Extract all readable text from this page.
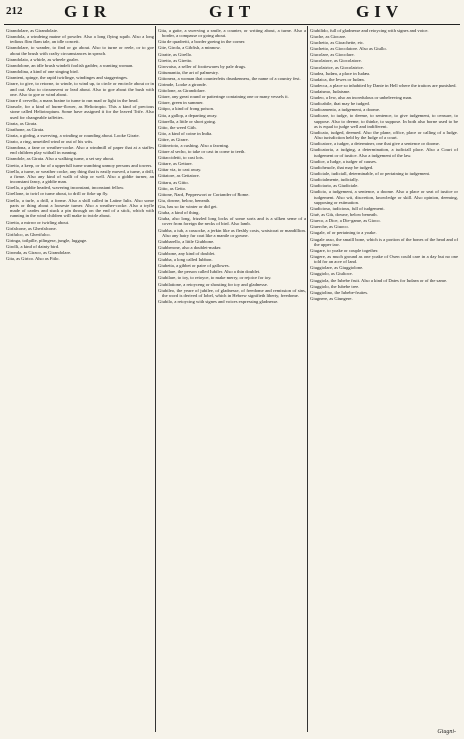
212 GIR	GIT	GIV

Girandolare, as Girandolaie.

Girandola, a windeing maine of powder. Also a long flying squib. Also a long tedious flim flam tale, an idle conceit.

Girandolare, to wander, to find or go about. Also to turne or reele, or to goe about the brush with crafty circumstances in speach.

Girandolaio, a whirle, as wheele goaler.

Girandolone, an idle brush windelt foolish gadder, a wanting woman.

Girandolina, a kind of one singing bird.

Giranteni, spinge, the rapid twirlinge, windinges and staggeringes.

Girare, to give, to retorne, to winde, to wind up, to circle or encircle about or in and out. Also to circumvent or lead about. Also to goe about the bush with one. Also to goe or wind about.

Girare il cervello, a mans braine to turne to run mad or light in the head.

Girasole, for a kind of hurne-flower, as Heliotropio. This a kind of precious stone called Heliotropium. Some have assigned it for the leaved Trife. Also used for changeable taffeties.

Girata, as Girata.

Girathone, as Girata.

Girata, a girdng, a swerving, a winding or rounding about. Looke Girate.

Girato, a ring, unsettled wind or out of his wits.

Girandona, a fane or weather-cocke. Also a windmill of paper that at a staffes end children play withall in running.

Girandole, as Girata. Also a walking turne, a set sny about.

Giretto, a keep, or fur of a upperfull turne wandring unmoy persons and towers.

Girella, a turne, or weather cocke, any thing that is easily moved, a turne, a drill, a firme. Also any kind of wallt of ship or well. Also a giddie turner, an inconstant fancy, a giddie man.

Girella, a giddie headed, wavering inconstant, inconstant fellow.

Girellone, to twirl or turne about, to drill or firke up fly.

Girello, a turle, a drill, a forme. Also a shill called in Latine Iulis. Also some parts or thing about a looseste turner. Also a weather-cocke. Also a tryfle made of cardes and stuck a pin through on the end of a stick, which with running in the wind children will make to twirle about.

Giretta, a mirror or twirling about.

Girfalcone, as Gherfalcone.

Girifalco, as Gherifalco.

Giringa, toilpille, pilingese, jungle, luggage.

Girolli, a kind of dainty bird.

Gironda, as Giraco, as Girandolare.

Gita, as Girico. Also as Fitlo.

Gita, a gaite, a swerving a smile, a counter, or writing about, a turne. Also a border, a compasse or going about.

Gita de quadretti, a border goeing in the corner.

Gite, Girola, a Gibfish, a minnow.

Giratte, as Girello.

Giretto, as Giretto.

Girovaiso, a seller of footiewares by pale drugs.

Gittumantia, the art of palmestry.

Gittonera, a woman that counterfeits drunkenness, the name of a country fest.

Girimde, Looke a gironde.

Gittolone, as Girandolare.

Gitare, any great round or patteringe containing one or many vessels it.

Gitare, green in summer.

Gitipo, a kind of frong poison.

Gita, a gallop, a departing away.

Gitarella, a little or short going.

Gitto, the weed Gith.

Gito, a kind of coine in India.

Gittre, as Girare.

Gittinvioto, a cushing. Also a fawning.

Gitare al secho, to take or cast in corne to teeth.

Gittaccidetti, to cast lots.

Gittare, as Gettare.

Gittar via, to cast away.

Gittatore, as Gettatore.

Gittaru, as Gitto.

Gitto, as Getto.

Gittone, Nard, Pepperwort or Coriander of Rome.

Giu, downe, below, beneath.

Giu, bas so far winter or did get.

Giuba, a kind of thing.

Giuba, also long, frizzled long locks of some sorts and is a silken seme of a cover from foreign the necks of bird. Also lamb.

Giubba, a iub, a cassocke, a jerkin like as fleshly costs, waistcoat or mandillion. Also any hairy fur coat like a mantle or gowne.

Giubbarello, a little Giubbone.

Giubberone, also a doublet-maker.

Giubbone, any kind of doublet.

Giubba, a long called Iubbon.

Giubetta, a gibbet or paire of gallowes.

Giubilare, the person called Iubiler. Also a thin doublet.

Giubilare, to ioy, to reioyce, to make merry, or rejoice for ioy.

Giubilatione, a reioyceng or shouting for ioy and gladnesse.

Giubileo, the yeare of jubilee, of gladnesse, of freedome and remission of sins, the word is derived of Iobel, which in Hebrew signifieth liberty, freedome.

Giubilo, a reioycing with signes and voices expressing gladnesse.

Giubilido, full of gladnesse and reioycing with signes and voice.

Giuche, as Giocare.

Giuchetto, as Gioachette, etc.

Giuchetto, as Giocolatore. Also as Giullo.

Giucolare, as Giocolare.

Giucolatore, as Giocolatore.

Giucolatrice, as Giocolatrice.

Giudea, Iudæa, a place in Iudæa.

Giudaica, the Iewes or Iudæa.

Giudecca, a place so inhabited by Dante in Hell where the traitors are punished.

Giudaismo, Iudaisme.

Giudeo, a Iew, also an incredulous or unbeleeving man.

Giudicabile, that may be iudged.

Giudicamento, a iudgement, a doome.

Giudicare, to iudge, to deeme, to sentence, to give iudgement, to censure, to suppose. Also to deeme, to thinke, to suppose. In both also borne used to be as is equal to judge well and indifferent.

Giudicaio, iudged, deemed. Also the plane, office, place or calling of a Iudge. Also iurisdiction held by the Iudge of a court.

Giudicatore, a iudger, a determiner, one that give a sentence or doome.

Giudicatoria, a iudging, a determination, a iudiciall place. Also a Court of iudgement or of iustice. Also a iudgement of the law.

Giudice, a Iudge, a iudger of causes.

Giudicheuole, that may be iudged.

Giudiciale, iudiciall, determinable, of or pertaining to iudgement.

Giudicialmente, iudicially.

Giudiciario, as Giudiciale.

Giudicio, a iudgement, a sentence, a doome. Also a place or seat of iustice or iudgement. Also wit, discretion, knowledge or skill. Also opinion, deeming, supposing or estimation.

Giudicioso, iudicious, full of iudgement.

Giuè, as Giù, downe, below beneath.

Giueco, a Dice, a Die-game, as Gioco.

Giuerche, as Giuoco.

Giugale, of or pertaining to a yoake.

Giugale asso, the smaill bone, which is a portion of the bones of the head and of the upper iaw.

Giugare, to yoake or couple together.

Giugere, as much ground as one yoake of Oxen could care in a day but no one told for an acre of land.

Giuggiolare, as Giuggiolone.

Giuggiolo, as Giulioce.

Giuggiola, the Iubebe fruit. Also a kind of Dates for Iudaea or of the same.

Giuggiolo, the Iubebe tree.

Giuggiolino, the Iubebe-fruites.

Giugnere, as Giungere.

Giugni-
